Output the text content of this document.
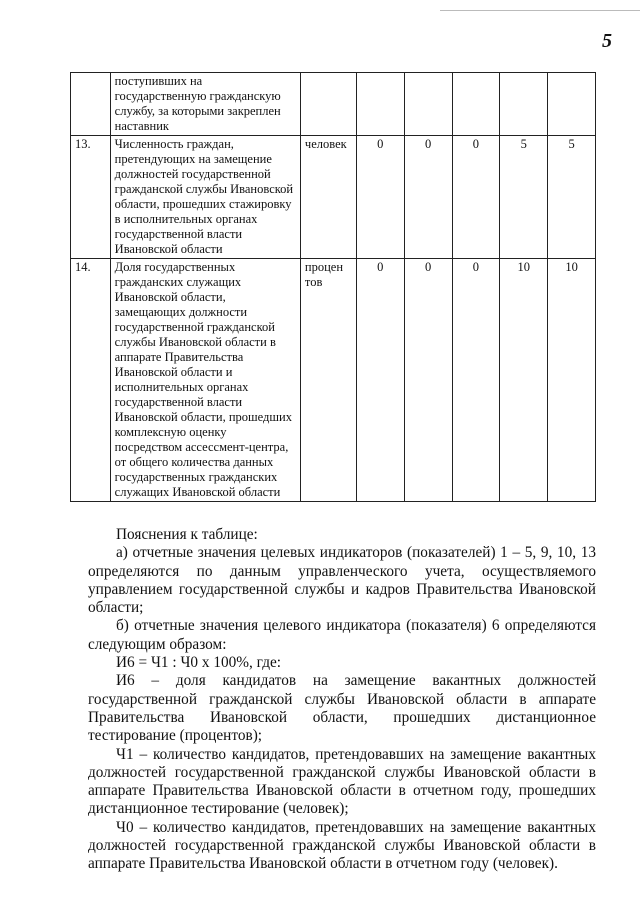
5
	поступивших на государственную гражданскую службу, за которыми закреплен наставник						
13.	Численность граждан, претендующих на замещение должностей государственной гражданской службы Ивановской области, прошедших стажировку в исполнительных органах государственной власти Ивановской области	человек	0	0	0	5	5
14.	Доля государственных гражданских служащих Ивановской области, замещающих должности государственной гражданской службы Ивановской области в аппарате Правительства Ивановской области и исполнительных органах государственной власти Ивановской области, прошедших комплексную оценку посредством ассессмент-центра, от общего количества данных государственных гражданских служащих Ивановской области	процен тов	0	0	0	10	10

Пояснения к таблице:

а) отчетные значения целевых индикаторов (показателей) 1 – 5, 9, 10, 13 определяются по данным управленческого учета, осуществляемого управлением государственной службы и кадров Правительства Ивановской области;

б) отчетные значения целевого индикатора (показателя) 6 определяются следующим образом:

И6 = Ч1 : Ч0 х 100%, где:

И6 – доля кандидатов на замещение вакантных должностей государственной гражданской службы Ивановской области в аппарате Правительства Ивановской области, прошедших дистанционное тестирование (процентов);

Ч1 – количество кандидатов, претендовавших на замещение вакантных должностей государственной гражданской службы Ивановской области в аппарате Правительства Ивановской области в отчетном году, прошедших дистанционное тестирование (человек);

Ч0 – количество кандидатов, претендовавших на замещение вакантных должностей государственной гражданской службы Ивановской области в аппарате Правительства Ивановской области в отчетном году (человек).
